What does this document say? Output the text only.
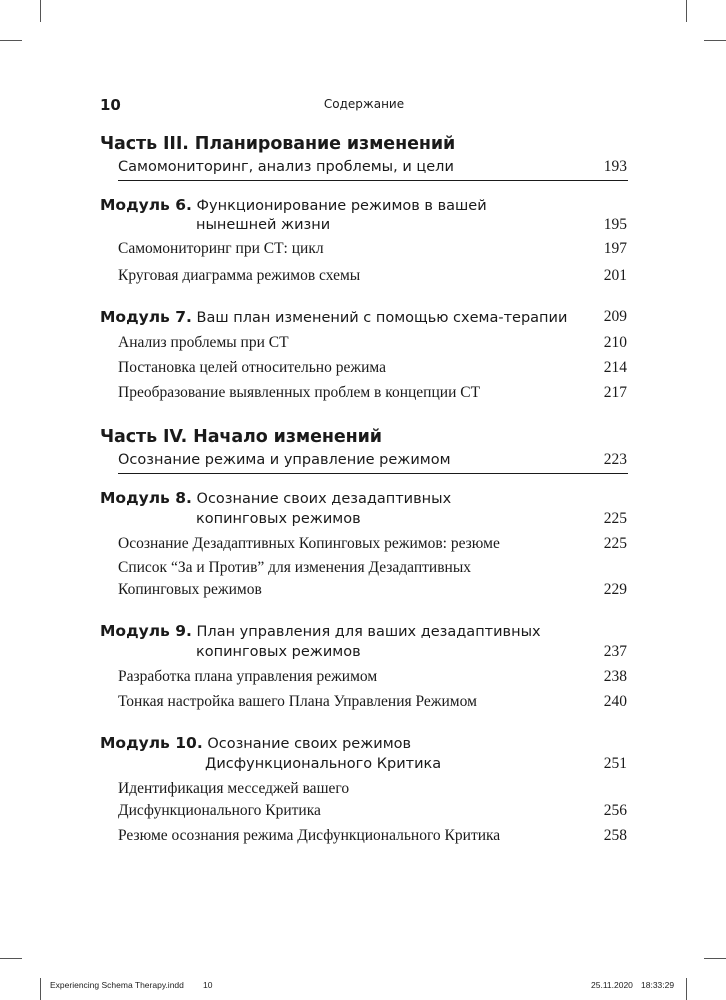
10	Содержание
Часть III. Планирование изменений
Самомониторинг, анализ проблемы, и цели	193
Модуль 6. Функционирование режимов в вашей
нынешней жизни	195
Самомониторинг при СТ: цикл	197
Круговая диаграмма режимов схемы	201
Модуль 7. Ваш план изменений с помощью схема-терапии 209
Анализ проблемы при СТ	210
Постановка целей относительно режима	214
Преобразование выявленных проблем в концепции СТ	217
Часть IV. Начало изменений
Осознание режима и управление режимом	223
Модуль 8. Осознание своих дезадаптивных
копинговых режимов	225
Осознание Дезадаптивных Копинговых режимов: резюме	225
Список “За и Против” для изменения Дезадаптивных
Копинговых режимов	229
Модуль 9. План управления для ваших дезадаптивных
копинговых режимов	237
Разработка плана управления режимом	238
Тонкая настройка вашего Плана Управления Режимом	240
Модуль 10. Осознание своих режимов
Дисфункционального Критика	251
Идентификация месседжей вашего
Дисфункционального Критика	256
Резюме осознания режима Дисфункционального Критика	258
Experiencing Schema Therapy.indd 10	25.11.2020 18:33:29
